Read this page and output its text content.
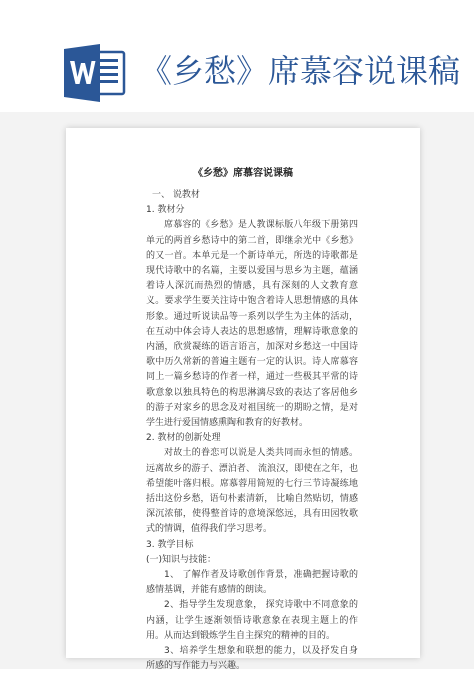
《乡愁》席慕容说课稿
《乡愁》席慕容说课稿

一、 说教材

1. 教材分

席慕容的《乡愁》是人教课标版八年级下册第四单元的两首乡愁诗中的第二首，即继余光中《乡愁》的又一首。本单元是一个新诗单元，所选的诗歌都是现代诗歌中的名篇，主要以爱国与思乡为主题，蕴涵着诗人深沉而热烈的情感，具有深刻的人文教育意义。要求学生要关注诗中饱含着诗人思想情感的具体形象。通过听说读品等一系列以学生为主体的活动，在互动中体会诗人表达的思想感情，理解诗歌意象的内涵，欣赏凝练的语言语言，加深对乡愁这一中国诗歌中历久常新的普遍主题有一定的认识。诗人席慕容同上一篇乡愁诗的作者一样，通过一些极其平常的诗歌意象以独具特色的构思淋漓尽致的表达了客居他乡的游子对家乡的思念及对祖国统一的期盼之情，是对学生进行爱国情感熏陶和教育的好教材。

2. 教材的创新处理

对故土的眷恋可以说是人类共同而永恒的情感。 远离故乡的游子、漂泊者、 流浪汉，即使在之年，也希望能叶落归根。席慕蓉用简短的七行三节诗凝练地括出这份乡愁，语句朴素清新， 比喻自然贴切，情感深沉浓郁，使得整首诗的意境深悠远，具有田园牧歌式的情调，值得我们学习思考。

3. 教学目标

(一)知识与技能：

1、 了解作者及诗歌创作背景，准确把握诗歌的感情基调，并能有感情的朗读。

2、指导学生发现意象， 探究诗歌中不同意象的内涵，让学生逐渐领悟诗歌意象在表现主题上的作用。从而达到锻炼学生自主探究的精神的目的。

3、培养学生想象和联想的能力，以及抒发自身所感的写作能力与兴趣。
